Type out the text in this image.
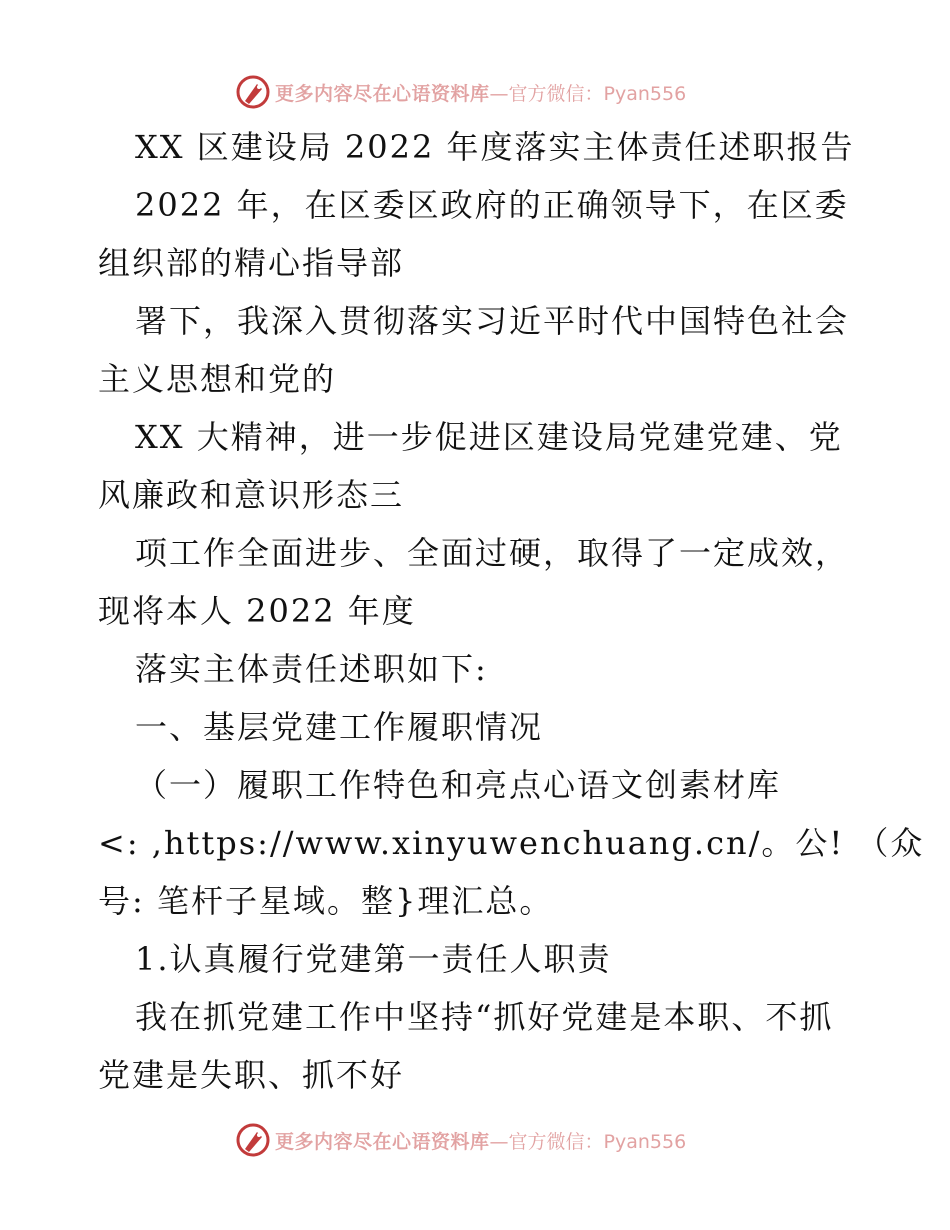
更多内容尽在心语资料库 —官方微信：Pyan556
XX 区建设局 2022 年度落实主体责任述职报告
2022 年，在区委区政府的正确领导下，在区委
组织部的精心指导部
署下，我深入贯彻落实习近平时代中国特色社会
主义思想和党的
XX 大精神，进一步促进区建设局党建党建、党
风廉政和意识形态三
项工作全面进步、全面过硬，取得了一定成效，
现将本人 2022 年度
落实主体责任述职如下:
一、基层党建工作履职情况
（一）履职工作特色和亮点心语文创素材库
<: ,https://www.xinyuwenchuang.cn/。公! （众
号: 笔杆子星域。整}理汇总。
1.认真履行党建第一责任人职责
我在抓党建工作中坚持“抓好党建是本职、不抓
党建是失职、抓不好
更多内容尽在心语资料库 —官方微信：Pyan556
